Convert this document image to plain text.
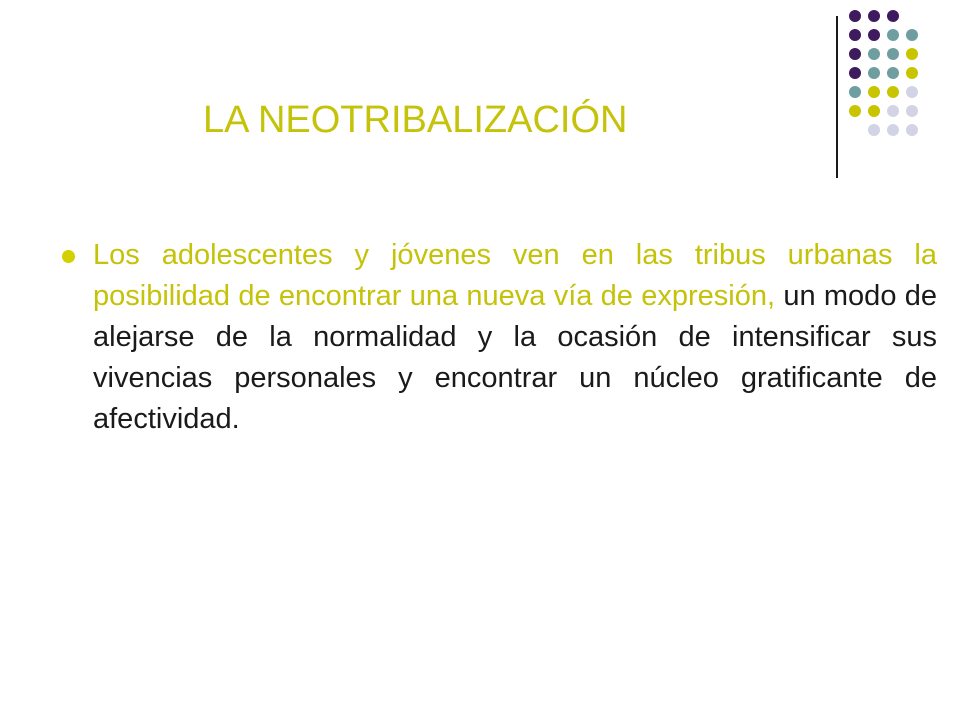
LA NEOTRIBALIZACIÓN
Los adolescentes y jóvenes ven en las tribus urbanas la posibilidad de encontrar una nueva vía de expresión, un modo de alejarse de la normalidad y la ocasión de intensificar sus vivencias personales y encontrar un núcleo gratificante de afectividad.
